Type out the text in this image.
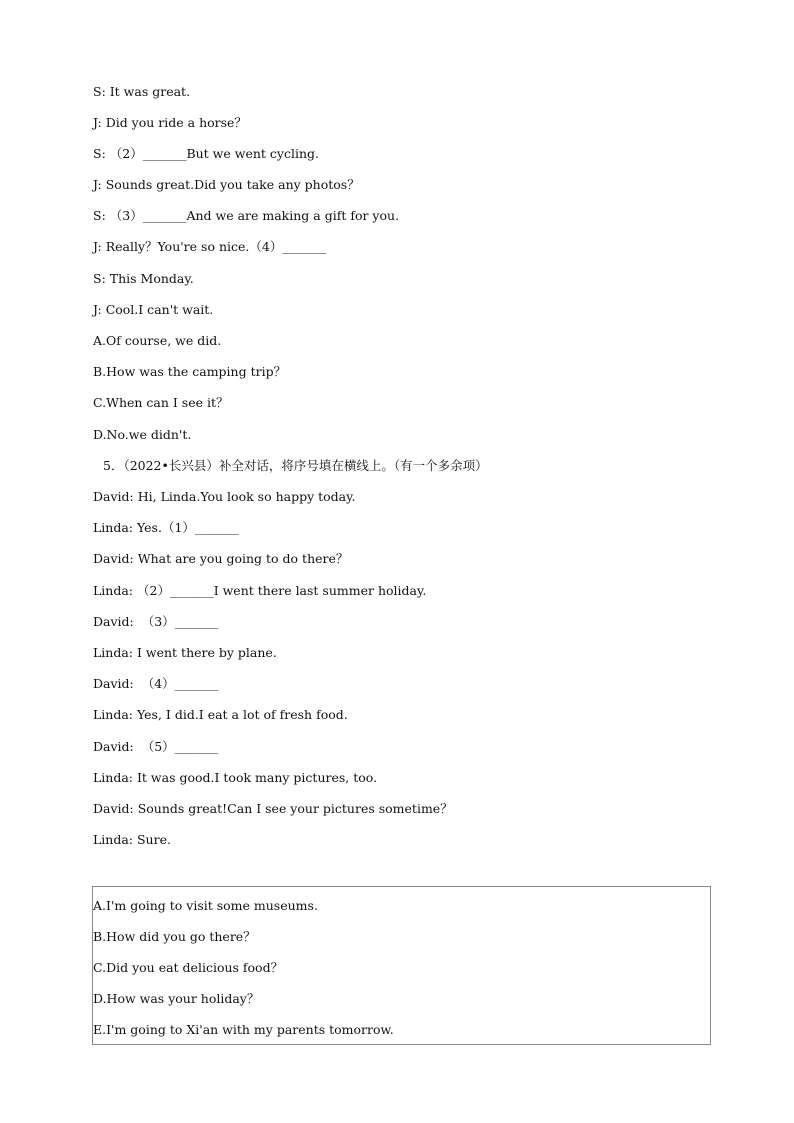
S: It was great.
J: Did you ride a horse？
S: （2）_______But we went cycling.
J: Sounds great.Did you take any photos？
S: （3）_______And we are making a gift for you.
J: Really？You're so nice.（4）_______
S: This Monday.
J: Cool.I can't wait.
A.Of course, we did.
B.How was the camping trip？
C.When can I see it？
D.No.we didn't.
5．（2022•长兴县）补全对话，将序号填在横线上。（有一个多余项）
David: Hi, Linda.You look so happy today.
Linda: Yes.（1）_______
David: What are you going to do there？
Linda: （2）_______I went there last summer holiday.
David:  （3）_______
Linda: I went there by plane.
David:  （4）_______
Linda: Yes, I did.I eat a lot of fresh food.
David:  （5）_______
Linda: It was good.I took many pictures, too.
David: Sounds great!Can I see your pictures sometime？
Linda: Sure.
A.I'm going to visit some museums.
B.How did you go there？
C.Did you eat delicious food？
D.How was your holiday？
E.I'm going to Xi'an with my parents tomorrow.
